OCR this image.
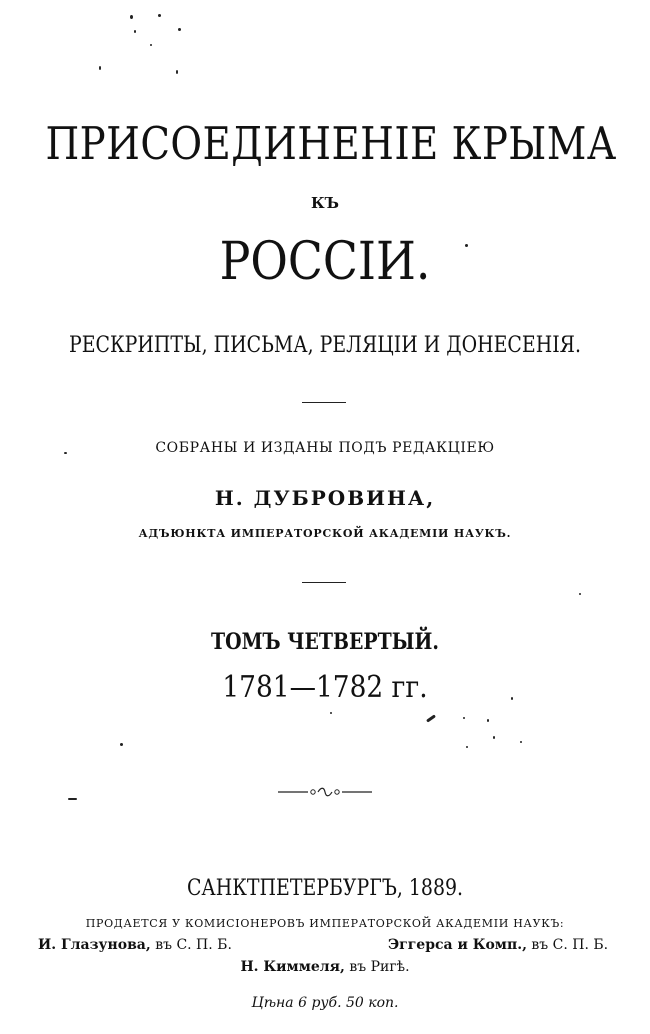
ПРИСОЕДИНЕНІЕ КРЫМА
КЪ
РОССІИ.
РЕСКРИПТЫ, ПИСЬМА, РЕЛЯЦІИ И ДОНЕСЕНІЯ.
СОБРАНЫ И ИЗДАНЫ ПОДЪ РЕДАКЦІЕЮ
Н. ДУБРОВИНА,
АДЪЮНКТА ИМПЕРАТОРСКОЙ АКАДЕМІИ НАУКЪ.
ТОМЪ ЧЕТВЕРТЫЙ.
1781—1782 гг.
САНКТПЕТЕРБУРГЪ, 1889.
ПРОДАЕТСЯ У КОМИСІОНЕРОВЪ ИМПЕРАТОРСКОЙ АКАДЕМІИ НАУКЪ:
И. Глазунова, въ С. П. Б.	Эггерса и Комп., въ С. П. Б.
Н. Киммеля, въ Ригѣ.
Цѣна 6 руб. 50 коп.
